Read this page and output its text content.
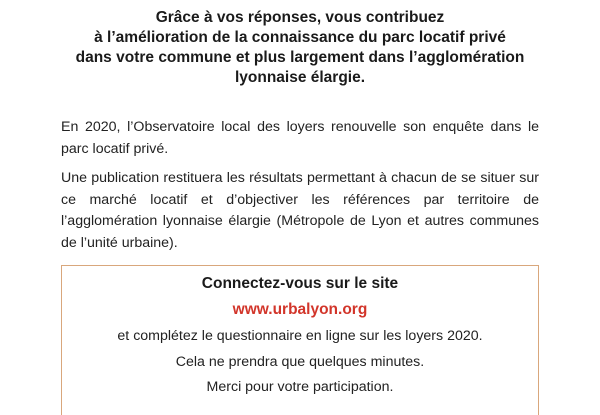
Grâce à vos réponses, vous contribuez
à l’amélioration de la connaissance du parc locatif privé
dans votre commune et plus largement dans l’agglomération
lyonnaise élargie.
En 2020, l’Observatoire local des loyers renouvelle son enquête dans le parc locatif privé.
Une publication restituera les résultats permettant à chacun de se situer sur ce marché locatif et d’objectiver les références par territoire de l’agglomération lyonnaise élargie (Métropole de Lyon et autres communes de l’unité urbaine).
Connectez-vous sur le site
www.urbalyon.org
et complétez le questionnaire en ligne sur les loyers 2020.
Cela ne prendra que quelques minutes.
Merci pour votre participation.
